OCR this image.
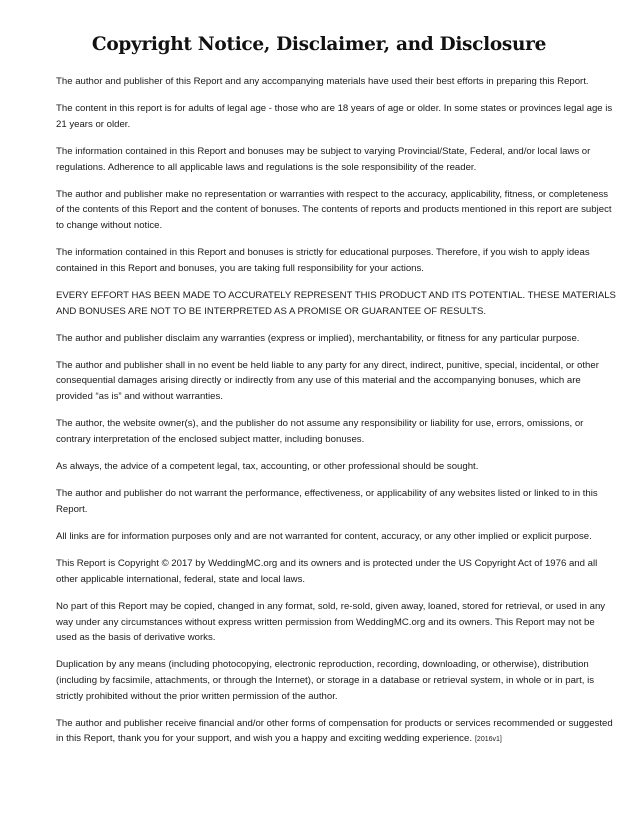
Copyright Notice, Disclaimer, and Disclosure

The author and publisher of this Report and any accompanying materials have used their best efforts in preparing this Report.

The content in this report is for adults of legal age - those who are 18 years of age or older. In some states or provinces legal age is 21 years or older.

The information contained in this Report and bonuses may be subject to varying Provincial/State, Federal, and/or local laws or regulations. Adherence to all applicable laws and regulations is the sole responsibility of the reader.

The author and publisher make no representation or warranties with respect to the accuracy, applicability, fitness, or completeness of the contents of this Report and the content of bonuses. The contents of reports and products mentioned in this report are subject to change without notice.

The information contained in this Report and bonuses is strictly for educational purposes. Therefore, if you wish to apply ideas contained in this Report and bonuses, you are taking full responsibility for your actions.

EVERY EFFORT HAS BEEN MADE TO ACCURATELY REPRESENT THIS PRODUCT AND ITS POTENTIAL. THESE MATERIALS AND BONUSES ARE NOT TO BE INTERPRETED AS A PROMISE OR GUARANTEE OF RESULTS.

The author and publisher disclaim any warranties (express or implied), merchantability, or fitness for any particular purpose.

The author and publisher shall in no event be held liable to any party for any direct, indirect, punitive, special, incidental, or other consequential damages arising directly or indirectly from any use of this material and the accompanying bonuses, which are provided “as is” and without warranties.

The author, the website owner(s), and the publisher do not assume any responsibility or liability for use, errors, omissions, or contrary interpretation of the enclosed subject matter, including bonuses.

As always, the advice of a competent legal, tax, accounting, or other professional should be sought.

The author and publisher do not warrant the performance, effectiveness, or applicability of any websites listed or linked to in this Report.

All links are for information purposes only and are not warranted for content, accuracy, or any other implied or explicit purpose.

This Report is Copyright © 2017 by WeddingMC.org and its owners and is protected under the US Copyright Act of 1976 and all other applicable international, federal, state and local laws.

No part of this Report may be copied, changed in any format, sold, re-sold, given away, loaned, stored for retrieval, or used in any way under any circumstances without express written permission from WeddingMC.org and its owners. This Report may not be used as the basis of derivative works.

Duplication by any means (including photocopying, electronic reproduction, recording, downloading, or otherwise), distribution (including by facsimile, attachments, or through the Internet), or storage in a database or retrieval system, in whole or in part, is strictly prohibited without the prior written permission of the author.

The author and publisher receive financial and/or other forms of compensation for products or services recommended or suggested in this Report, thank you for your support, and wish you a happy and exciting wedding experience. [2016v1]
